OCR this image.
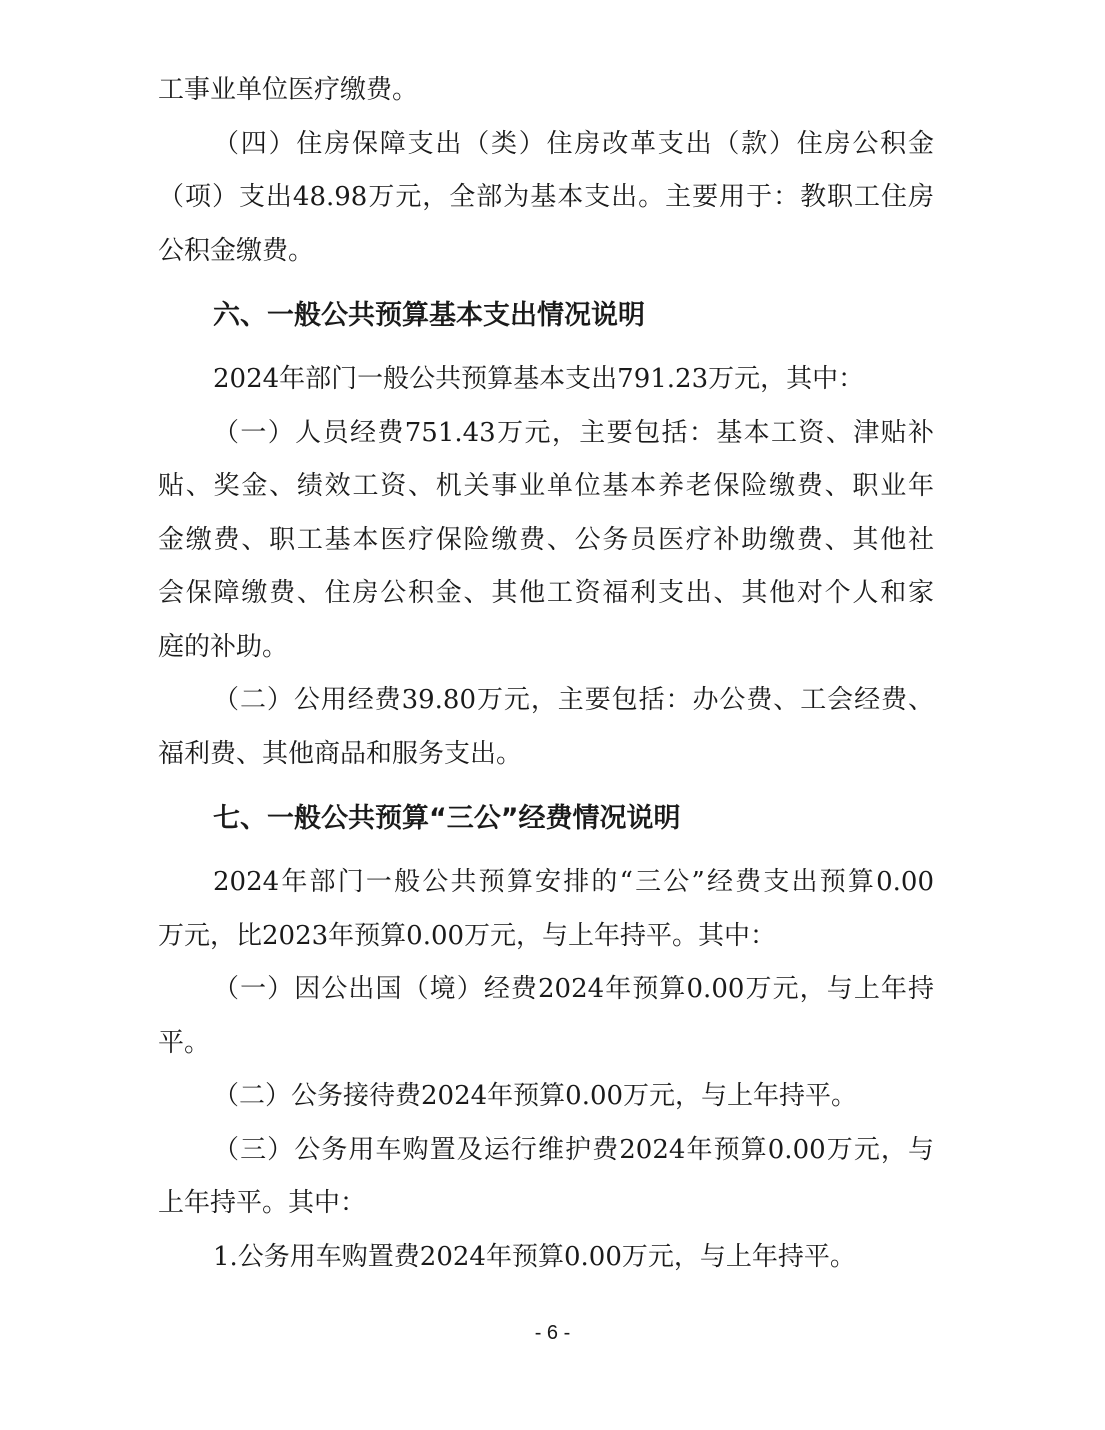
工事业单位医疗缴费。
（四）住房保障支出（类）住房改革支出（款）住房公积金
（项）支出48.98万元，全部为基本支出。主要用于：教职工住房
公积金缴费。
六、一般公共预算基本支出情况说明
2024年部门一般公共预算基本支出791.23万元，其中：
（一）人员经费751.43万元，主要包括：基本工资、津贴补
贴、奖金、绩效工资、机关事业单位基本养老保险缴费、职业年
金缴费、职工基本医疗保险缴费、公务员医疗补助缴费、其他社
会保障缴费、住房公积金、其他工资福利支出、其他对个人和家
庭的补助。
（二）公用经费39.80万元，主要包括：办公费、工会经费、
福利费、其他商品和服务支出。
七、一般公共预算“三公”经费情况说明
2024年部门一般公共预算安排的“三公”经费支出预算0.00
万元，比2023年预算0.00万元，与上年持平。其中：
（一）因公出国（境）经费2024年预算0.00万元，与上年持
平。
（二）公务接待费2024年预算0.00万元，与上年持平。
（三）公务用车购置及运行维护费2024年预算0.00万元，与
上年持平。其中：
1.公务用车购置费2024年预算0.00万元，与上年持平。
- 6 -
